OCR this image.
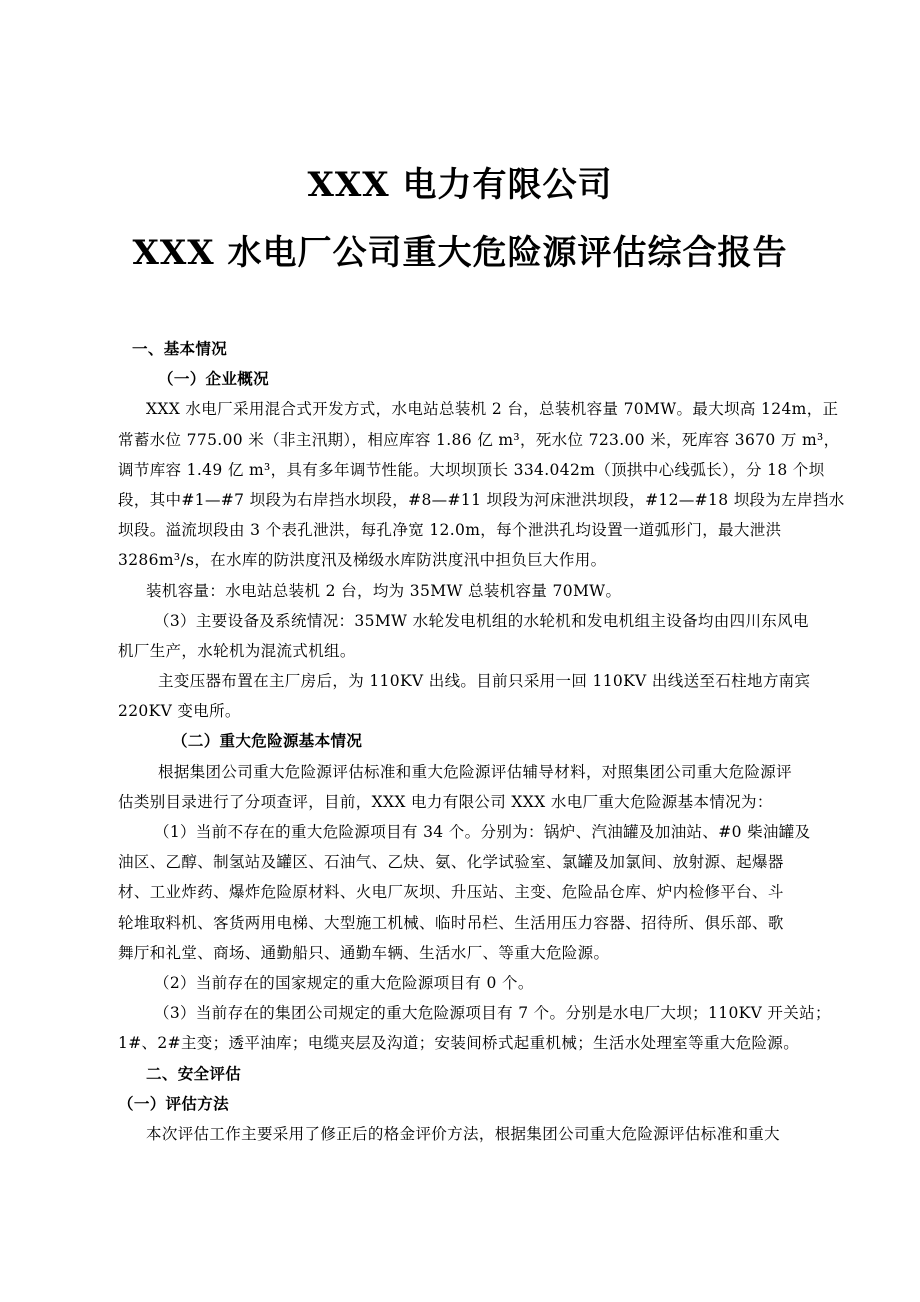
XXX 电力有限公司
XXX 水电厂公司重大危险源评估综合报告
一、基本情况
（一）企业概况
XXX 水电厂采用混合式开发方式，水电站总装机 2 台，总装机容量 70MW。最大坝高 124m，正
常蓄水位 775.00 米（非主汛期），相应库容 1.86 亿 m³，死水位 723.00 米，死库容 3670 万 m³，
调节库容 1.49 亿 m³，具有多年调节性能。大坝坝顶长 334.042m（顶拱中心线弧长），分 18 个坝
段，其中#1—#7 坝段为右岸挡水坝段，#8—#11 坝段为河床泄洪坝段，#12—#18 坝段为左岸挡水
坝段。溢流坝段由 3 个表孔泄洪，每孔净宽 12.0m，每个泄洪孔均设置一道弧形门，最大泄洪
3286m³/s，在水库的防洪度汛及梯级水库防洪度汛中担负巨大作用。
装机容量：水电站总装机 2 台，均为 35MW 总装机容量 70MW。
（3）主要设备及系统情况：35MW 水轮发电机组的水轮机和发电机组主设备均由四川东风电
机厂生产，水轮机为混流式机组。
主变压器布置在主厂房后，为 110KV 出线。目前只采用一回 110KV 出线送至石柱地方南宾
220KV 变电所。
（二）重大危险源基本情况
根据集团公司重大危险源评估标准和重大危险源评估辅导材料，对照集团公司重大危险源评
估类别目录进行了分项查评，目前，XXX 电力有限公司 XXX 水电厂重大危险源基本情况为：
（1）当前不存在的重大危险源项目有 34 个。分别为：锅炉、汽油罐及加油站、#0 柴油罐及
油区、乙醇、制氢站及罐区、石油气、乙炔、氨、化学试验室、氯罐及加氯间、放射源、起爆器
材、工业炸药、爆炸危险原材料、火电厂灰坝、升压站、主变、危险品仓库、炉内检修平台、斗
轮堆取料机、客货两用电梯、大型施工机械、临时吊栏、生活用压力容器、招待所、俱乐部、歌
舞厅和礼堂、商场、通勤船只、通勤车辆、生活水厂、等重大危险源。
（2）当前存在的国家规定的重大危险源项目有 0 个。
（3）当前存在的集团公司规定的重大危险源项目有 7 个。分别是水电厂大坝；110KV 开关站；
1#、2#主变；透平油库；电缆夹层及沟道；安装间桥式起重机械；生活水处理室等重大危险源。
二、安全评估
（一）评估方法
本次评估工作主要采用了修正后的格金评价方法，根据集团公司重大危险源评估标准和重大
